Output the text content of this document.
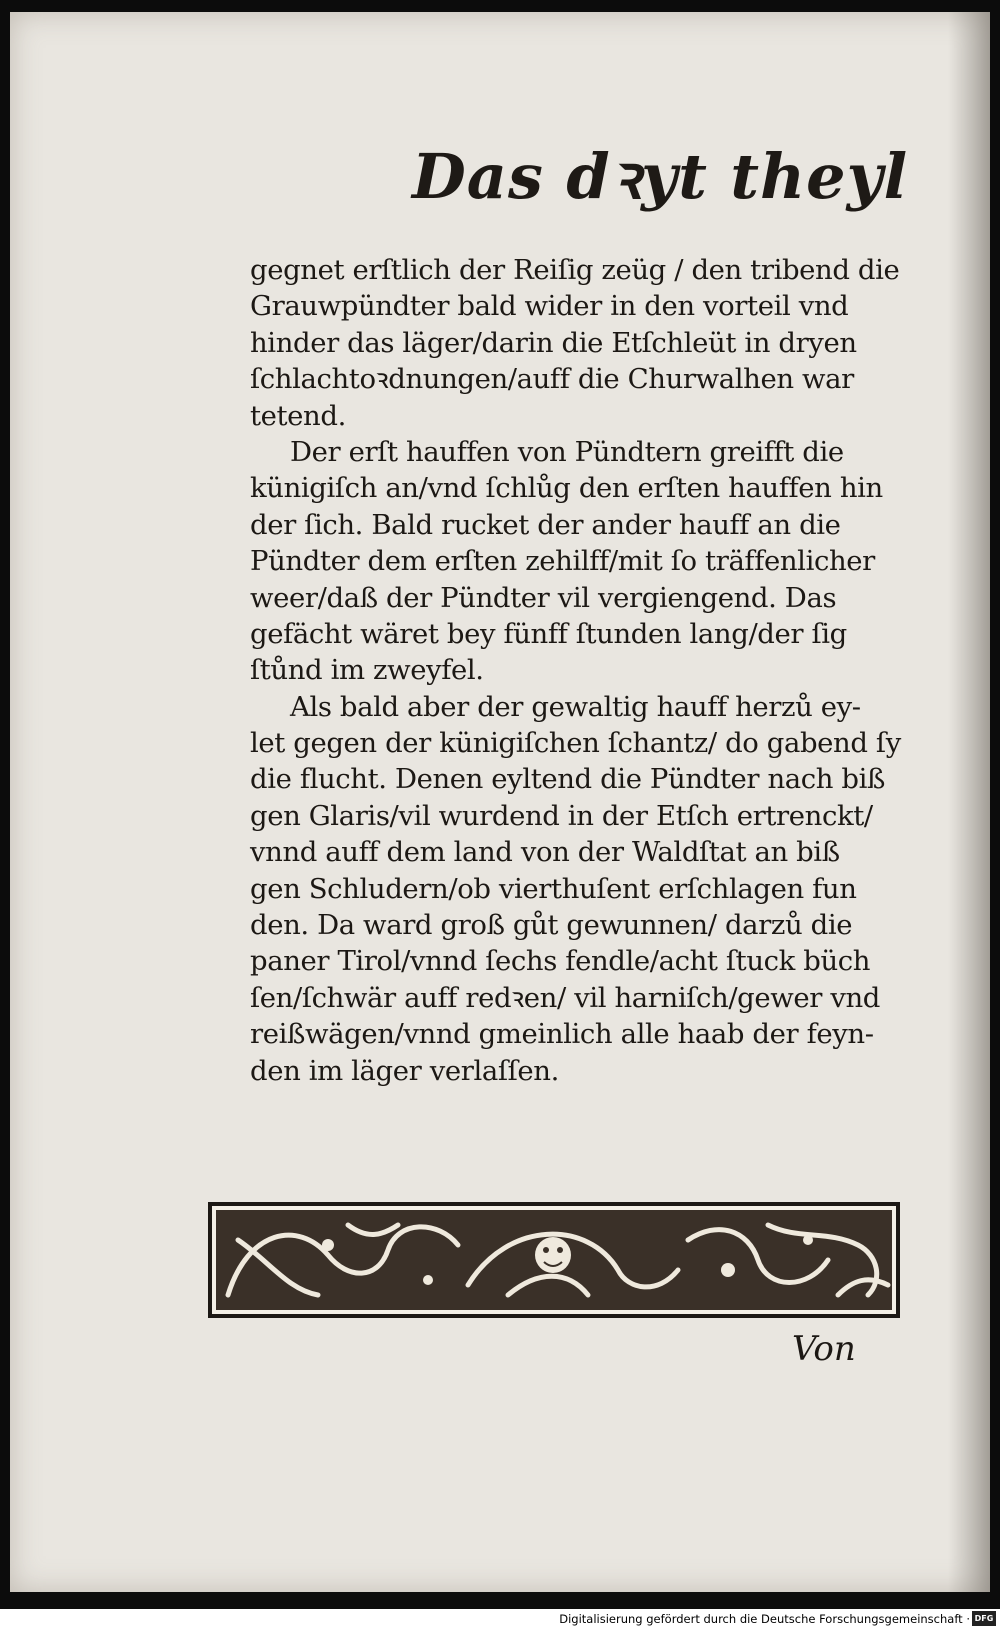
Das dꝛyt theyl
gegnet erſtlich der Reiſig zeüg / den tribend die
Grauwpündter bald wider in den vorteil vnd
hinder das läger/darin die Etſchleüt in dryen
ſchlachtoꝛdnungen/auff die Churwalhen war
tetend.
Der erſt hauffen von Pündtern greifft die
künigiſch an/vnd ſchlůg den erſten hauffen hin
der ſich. Bald rucket der ander hauff an die
Pündter dem erſten zehilff/mit ſo träffenlicher
weer/daß der Pündter vil vergiengend. Das
gefächt wäret bey fünff ſtunden lang/der ſig
ſtůnd im zweyfel.
Als bald aber der gewaltig hauff herzů ey-
let gegen der künigiſchen ſchantz/ do gabend ſy
die flucht. Denen eyltend die Pündter nach biß
gen Glaris/vil wurdend in der Etſch ertrenckt/
vnnd auff dem land von der Waldſtat an biß
gen Schludern/ob vierthuſent erſchlagen fun
den. Da ward groß gůt gewunnen/ darzů die
paner Tirol/vnnd ſechs fendle/acht ſtuck büch
ſen/ſchwär auff redꝛen/ vil harniſch/gewer vnd
reißwägen/vnnd gmeinlich alle haab der feyn-
den im läger verlaſſen.
Von
Digitalisierung gefördert durch die Deutsche Forschungsgemeinschaft · DFG
